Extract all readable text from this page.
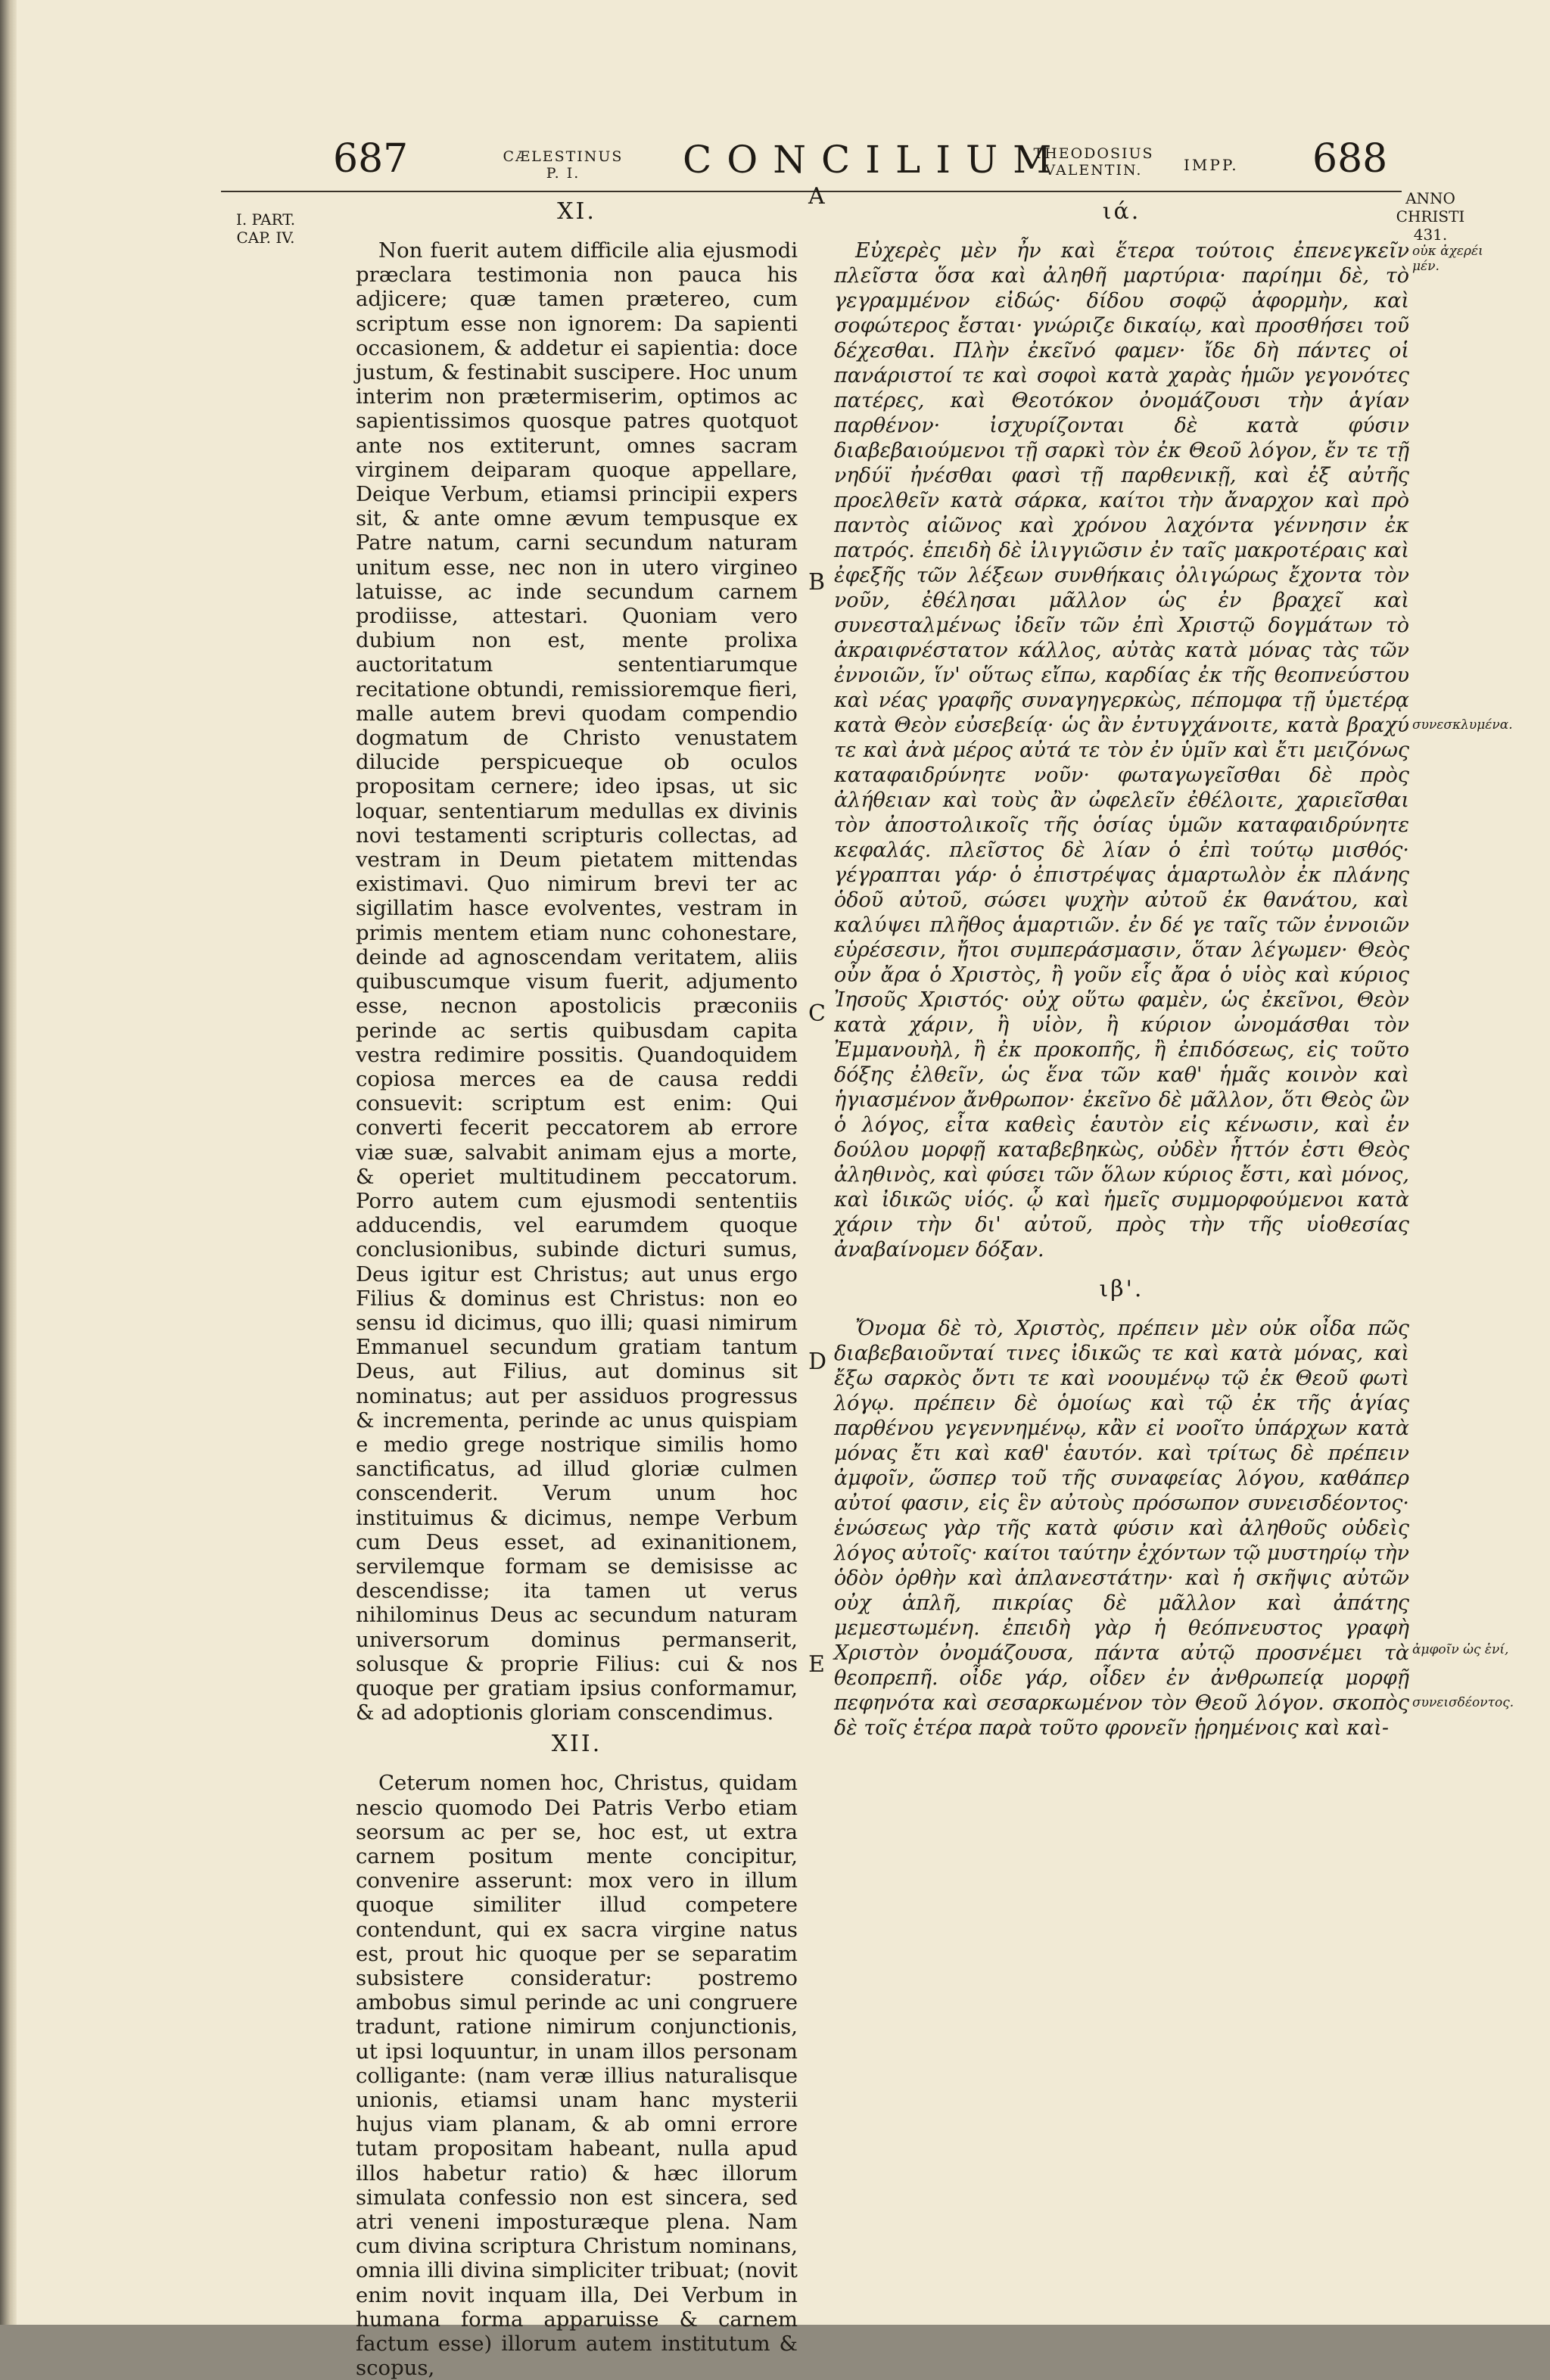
687	CÆLESTINUS
P. I.	CONCILIUM
THEODOSIUS
VALENTIN.	IMPP. 688
I. PART.
CAP. IV.
ANNO
CHRISTI
431.
οὐκ ἀχερέι μέν.
συνεσκλυμένα.
ἀμφοῖν ὡς ἑνί,
συνεισδέοντος.
A
B
C
D
E
XI.

Non fuerit autem difficile alia ejusmodi præclara testimonia non pauca his adjicere; quæ tamen prætereo, cum scriptum esse non ignorem: Da sapienti occasionem, & addetur ei sapientia: doce justum, & festinabit suscipere. Hoc unum interim non prætermiserim, optimos ac sapientissimos quosque patres quotquot ante nos extiterunt, omnes sacram virginem deiparam quoque appellare, Deique Verbum, etiamsi principii expers sit, & ante omne ævum tempusque ex Patre natum, carni secundum naturam unitum esse, nec non in utero virgineo latuisse, ac inde secundum carnem prodiisse, attestari. Quoniam vero dubium non est, mente prolixa auctoritatum sententiarumque recitatione obtundi, remissioremque fieri, malle autem brevi quodam compendio dogmatum de Christo venustatem dilucide perspicueque ob oculos propositam cernere; ideo ipsas, ut sic loquar, sententiarum medullas ex divinis novi testamenti scripturis collectas, ad vestram in Deum pietatem mittendas existimavi. Quo nimirum brevi ter ac sigillatim hasce evolventes, vestram in primis mentem etiam nunc cohonestare, deinde ad agnoscendam veritatem, aliis quibuscumque visum fuerit, adjumento esse, necnon apostolicis præconiis perinde ac sertis quibusdam capita vestra redimire possitis. Quandoquidem copiosa merces ea de causa reddi consuevit: scriptum est enim: Qui converti fecerit peccatorem ab errore viæ suæ, salvabit animam ejus a morte, & operiet multitudinem peccatorum. Porro autem cum ejusmodi sententiis adducendis, vel earumdem quoque conclusionibus, subinde dicturi sumus, Deus igitur est Christus; aut unus ergo Filius & dominus est Christus: non eo sensu id dicimus, quo illi; quasi nimirum Emmanuel secundum gratiam tantum Deus, aut Filius, aut dominus sit nominatus; aut per assiduos progressus & incrementa, perinde ac unus quispiam e medio grege nostrique similis homo sanctificatus, ad illud gloriæ culmen conscenderit. Verum unum hoc instituimus & dicimus, nempe Verbum cum Deus esset, ad exinanitionem, servilemque formam se demisisse ac descendisse; ita tamen ut verus nihilominus Deus ac secundum naturam universorum dominus permanserit, solusque & proprie Filius: cui & nos quoque per gratiam ipsius conformamur, & ad adoptionis gloriam conscendimus.

XII.

Ceterum nomen hoc, Christus, quidam nescio quomodo Dei Patris Verbo etiam seorsum ac per se, hoc est, ut extra carnem positum mente concipitur, convenire asserunt: mox vero in illum quoque similiter illud competere contendunt, qui ex sacra virgine natus est, prout hic quoque per se separatim subsistere consideratur: postremo ambobus simul perinde ac uni congruere tradunt, ratione nimirum conjunctionis, ut ipsi loquuntur, in unam illos personam colligante: (nam veræ illius naturalisque unionis, etiamsi unam hanc mysterii hujus viam planam, & ab omni errore tutam propositam habeant, nulla apud illos habetur ratio) & hæc illorum simulata confessio non est sincera, sed atri veneni imposturæque plena. Nam cum divina scriptura Christum nominans, omnia illi divina simpliciter tribuat; (novit enim novit inquam illa, Dei Verbum in humana forma apparuisse & carnem factum esse) illorum autem institutum & scopus,

ιά.

Εὐχερὲς μὲν ἦν καὶ ἕτερα τούτοις ἐπενεγκεῖν πλεῖστα ὅσα καὶ ἀληθῆ μαρτύρια· παρίημι δὲ, τὸ γεγραμμένον εἰδώς· δίδου σοφῷ ἀφορμὴν, καὶ σοφώτερος ἔσται· γνώριζε δικαίῳ, καὶ προσθήσει τοῦ δέχεσθαι. Πλὴν ἐκεῖνό φαμεν· ἴδε δὴ πάντες οἱ πανάριστοί τε καὶ σοφοὶ κατὰ χαρὰς ἡμῶν γεγονότες πατέρες, καὶ Θεοτόκον ὀνομάζουσι τὴν ἁγίαν παρθένον· ἰσχυρίζονται δὲ κατὰ φύσιν διαβεβαιούμενοι τῇ σαρκὶ τὸν ἐκ Θεοῦ λόγον, ἔν τε τῇ νηδύϊ ἠνέσθαι φασὶ τῇ παρθενικῇ, καὶ ἐξ αὐτῆς προελθεῖν κατὰ σάρκα, καίτοι τὴν ἄναρχον καὶ πρὸ παντὸς αἰῶνος καὶ χρόνου λαχόντα γέννησιν ἐκ πατρός. ἐπειδὴ δὲ ἰλιγγιῶσιν ἐν ταῖς μακροτέραις καὶ ἐφεξῆς τῶν λέξεων συνθήκαις ὀλιγώρως ἔχοντα τὸν νοῦν, ἐθέλησαι μᾶλλον ὡς ἐν βραχεῖ καὶ συνεσταλμένως ἰδεῖν τῶν ἐπὶ Χριστῷ δογμάτων τὸ ἀκραιφνέστατον κάλλος, αὐτὰς κατὰ μόνας τὰς τῶν ἐννοιῶν, ἵν' οὕτως εἴπω, καρδίας ἐκ τῆς θεοπνεύστου καὶ νέας γραφῆς συναγηγερκὼς, πέπομφα τῇ ὑμετέρᾳ κατὰ Θεὸν εὐσεβείᾳ· ὡς ἂν ἐντυγχάνοιτε, κατὰ βραχύ τε καὶ ἀνὰ μέρος αὐτά τε τὸν ἐν ὑμῖν καὶ ἔτι μειζόνως καταφαιδρύνητε νοῦν· φωταγωγεῖσθαι δὲ πρὸς ἀλήθειαν καὶ τοὺς ἂν ὠφελεῖν ἐθέλοιτε, χαριεῖσθαι τὸν ἀποστολικοῖς τῆς ὁσίας ὑμῶν καταφαιδρύνητε κεφαλάς. πλεῖστος δὲ λίαν ὁ ἐπὶ τούτῳ μισθός· γέγραπται γάρ· ὁ ἐπιστρέψας ἁμαρτωλὸν ἐκ πλάνης ὁδοῦ αὐτοῦ, σώσει ψυχὴν αὐτοῦ ἐκ θανάτου, καὶ καλύψει πλῆθος ἁμαρτιῶν. ἐν δέ γε ταῖς τῶν ἐννοιῶν εὑρέσεσιν, ἤτοι συμπεράσμασιν, ὅταν λέγωμεν· Θεὸς οὖν ἄρα ὁ Χριστὸς, ἢ γοῦν εἷς ἄρα ὁ υἱὸς καὶ κύριος Ἰησοῦς Χριστός· οὐχ οὕτω φαμὲν, ὡς ἐκεῖνοι, Θεὸν κατὰ χάριν, ἢ υἱὸν, ἢ κύριον ὠνομάσθαι τὸν Ἐμμανουὴλ, ἢ ἐκ προκοπῆς, ἢ ἐπιδόσεως, εἰς τοῦτο δόξης ἐλθεῖν, ὡς ἕνα τῶν καθ' ἡμᾶς κοινὸν καὶ ἡγιασμένον ἄνθρωπον· ἐκεῖνο δὲ μᾶλλον, ὅτι Θεὸς ὢν ὁ λόγος, εἶτα καθεὶς ἑαυτὸν εἰς κένωσιν, καὶ ἐν δούλου μορφῇ καταβεβηκὼς, οὐδὲν ἧττόν ἐστι Θεὸς ἀληθινὸς, καὶ φύσει τῶν ὅλων κύριος ἔστι, καὶ μόνος, καὶ ἰδικῶς υἱός. ᾧ καὶ ἡμεῖς συμμορφούμενοι κατὰ χάριν τὴν δι' αὐτοῦ, πρὸς τὴν τῆς υἱοθεσίας ἀναβαίνομεν δόξαν.

ιβ'.

Ὄνομα δὲ τὸ, Χριστὸς, πρέπειν μὲν οὐκ οἶδα πῶς διαβεβαιοῦνταί τινες ἰδικῶς τε καὶ κατὰ μόνας, καὶ ἔξω σαρκὸς ὄντι τε καὶ νοουμένῳ τῷ ἐκ Θεοῦ φωτὶ λόγῳ. πρέπειν δὲ ὁμοίως καὶ τῷ ἐκ τῆς ἁγίας παρθένου γεγεννημένῳ, κἂν εἰ νοοῖτο ὑπάρχων κατὰ μόνας ἔτι καὶ καθ' ἑαυτόν. καὶ τρίτως δὲ πρέπειν ἀμφοῖν, ὥσπερ τοῦ τῆς συναφείας λόγου, καθάπερ αὐτοί φασιν, εἰς ἓν αὐτοὺς πρόσωπον συνεισδέοντος· ἑνώσεως γὰρ τῆς κατὰ φύσιν καὶ ἀληθοῦς οὐδεὶς λόγος αὐτοῖς· καίτοι ταύτην ἐχόντων τῷ μυστηρίῳ τὴν ὁδὸν ὀρθὴν καὶ ἀπλανεστάτην· καὶ ἡ σκῆψις αὐτῶν οὐχ ἁπλῆ, πικρίας δὲ μᾶλλον καὶ ἀπάτης μεμεστωμένη. ἐπειδὴ γὰρ ἡ θεόπνευστος γραφὴ Χριστὸν ὀνομάζουσα, πάντα αὐτῷ προσνέμει τὰ θεοπρεπῆ. οἶδε γάρ, οἶδεν ἐν ἀνθρωπείᾳ μορφῇ πεφηνότα καὶ σεσαρκωμένον τὸν Θεοῦ λόγον. σκοπὸς δὲ τοῖς ἑτέρα παρὰ τοῦτο φρονεῖν ᾑρημένοις καὶ καὶ-
